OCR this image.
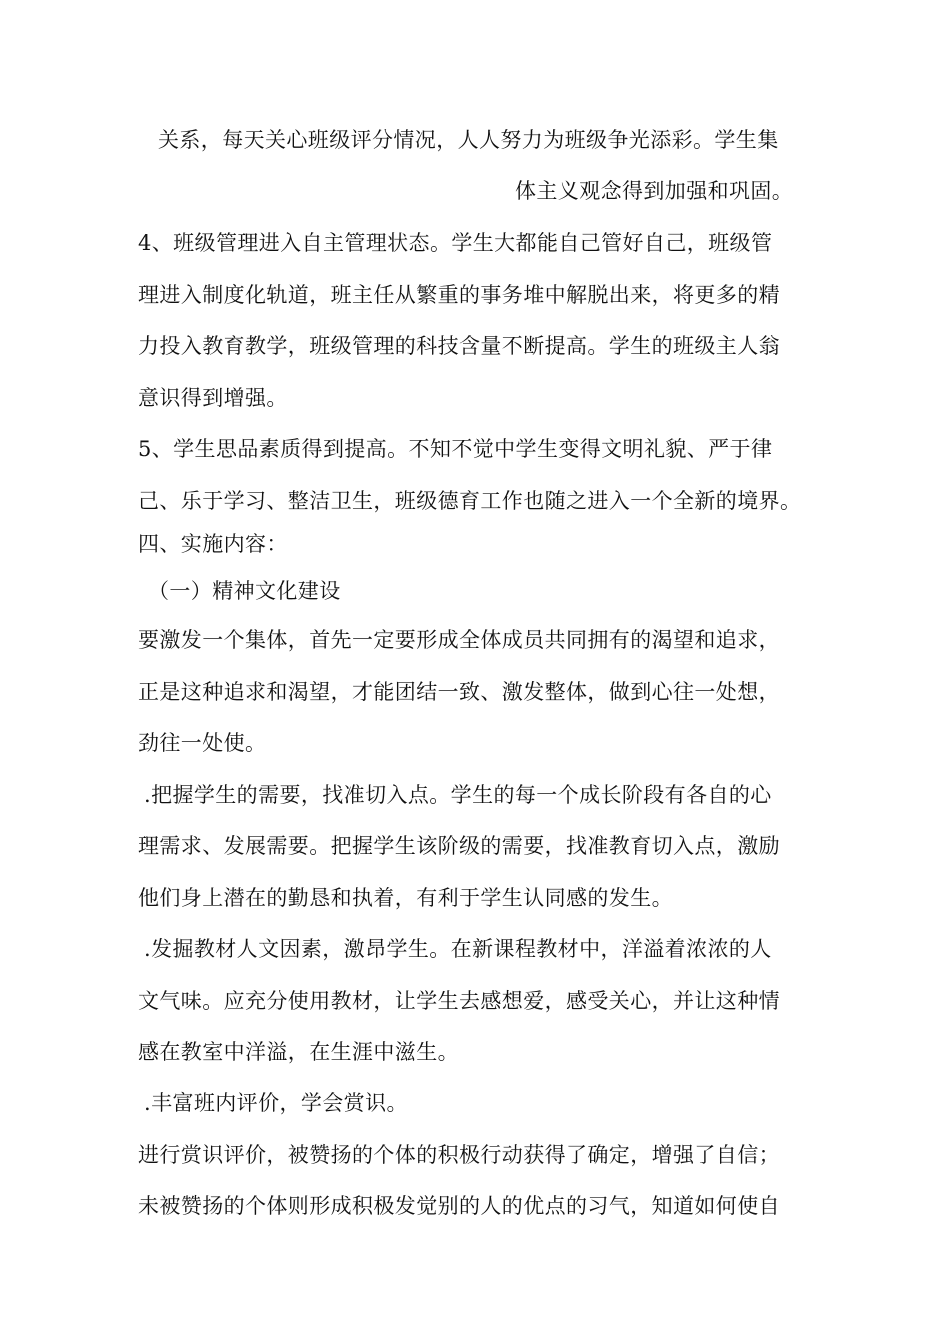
关系，每天关心班级评分情况，人人努力为班级争光添彩。学生集
体主义观念得到加强和巩固。
4、班级管理进入自主管理状态。学生大都能自己管好自己，班级管
理进入制度化轨道，班主任从繁重的事务堆中解脱出来，将更多的精
力投入教育教学，班级管理的科技含量不断提高。学生的班级主人翁
意识得到增强。
5、学生思品素质得到提高。不知不觉中学生变得文明礼貌、严于律
己、乐于学习、整洁卫生，班级德育工作也随之进入一个全新的境界。
四、实施内容：
（一）精神文化建设
要激发一个集体，首先一定要形成全体成员共同拥有的渴望和追求，
正是这种追求和渴望，才能团结一致、激发整体，做到心往一处想，
劲往一处使。
.把握学生的需要，找准切入点。学生的每一个成长阶段有各自的心
理需求、发展需要。把握学生该阶级的需要，找准教育切入点，激励
他们身上潜在的勤恳和执着，有利于学生认同感的发生。
.发掘教材人文因素，激昂学生。在新课程教材中，洋溢着浓浓的人
文气味。应充分使用教材，让学生去感想爱，感受关心，并让这种情
感在教室中洋溢，在生涯中滋生。
.丰富班内评价，学会赏识。
进行赏识评价，被赞扬的个体的积极行动获得了确定，增强了自信；
未被赞扬的个体则形成积极发觉别的人的优点的习气，知道如何使自
